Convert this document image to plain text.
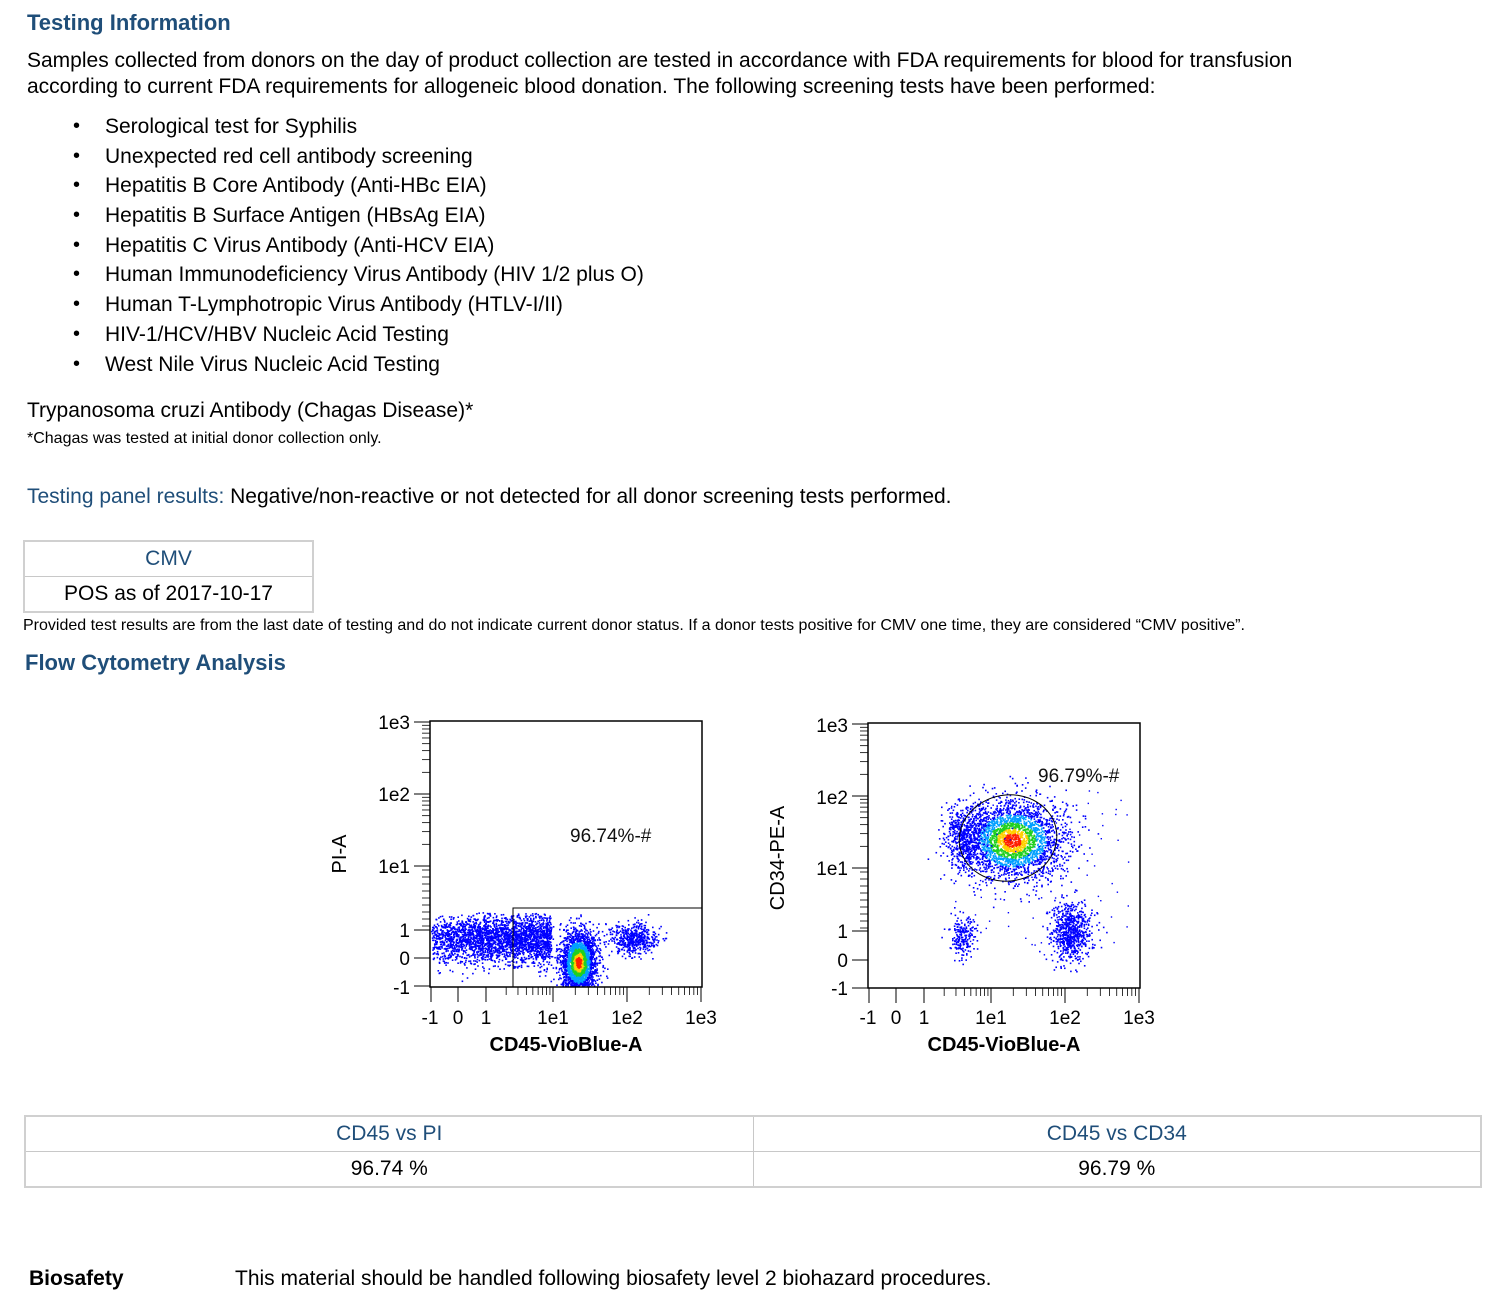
Testing Information
Samples collected from donors on the day of product collection are tested in accordance with FDA requirements for blood for transfusion
according to current FDA requirements for allogeneic blood donation. The following screening tests have been performed:
• Serological test for Syphilis
• Unexpected red cell antibody screening
• Hepatitis B Core Antibody (Anti-HBc EIA)
• Hepatitis B Surface Antigen (HBsAg EIA)
• Hepatitis C Virus Antibody (Anti-HCV EIA)
• Human Immunodeficiency Virus Antibody (HIV 1/2 plus O)
• Human T-Lymphotropic Virus Antibody (HTLV-I/II)
• HIV-1/HCV/HBV Nucleic Acid Testing
• West Nile Virus Nucleic Acid Testing
Trypanosoma cruzi Antibody (Chagas Disease)*
*Chagas was tested at initial donor collection only.
Testing panel results: Negative/non-reactive or not detected for all donor screening tests performed.
CMV
POS as of 2017-10-17
Provided test results are from the last date of testing and do not indicate current donor status. If a donor tests positive for CMV one time, they are considered “CMV positive”.
Flow Cytometry Analysis
96.74%-#
1e3
1e2
1e1
1
0
-1
-1 0 1 1e1 1e2 1e3
CD45-VioBlue-A
PI-A
96.79%-#
1e3
1e2
1e1
1
0
-1
-1 0 1 1e1 1e2 1e3
CD45-VioBlue-A
CD34-PE-A
CD45 vs PI	CD45 vs CD34
96.74 %	96.79 %
Biosafety	This material should be handled following biosafety level 2 biohazard procedures.
